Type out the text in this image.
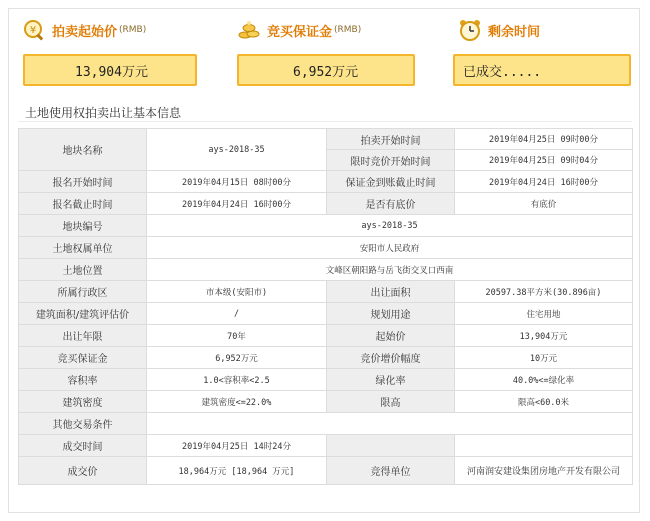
¥ 拍卖起始价 (RMB)
13,904万元
竞买保证金 (RMB)
6,952万元
剩余时间
已成交.....
土地使用权拍卖出让基本信息
地块名称	ays-2018-35	拍卖开始时间	2019年04月25日 09时00分
		限时竞价开始时间	2019年04月25日 09时04分
报名开始时间	2019年04月15日 08时00分	保证金到账截止时间	2019年04月24日 16时00分
报名截止时间	2019年04月24日 16时00分	是否有底价	有底价
地块编号	ays-2018-35		
土地权属单位	安阳市人民政府		
土地位置	文峰区朝阳路与岳飞街交叉口西南		
所属行政区	市本级(安阳市)	出让面积	20597.38平方米(30.896亩)
建筑面积/建筑评估价	/	规划用途	住宅用地
出让年限	70年	起始价	13,904万元
竞买保证金	6,952万元	竞价增价幅度	10万元
容积率	1.0<容积率<2.5	绿化率	40.0%<=绿化率
建筑密度	建筑密度<=22.0%	限高	限高<60.0米
其他交易条件			
成交时间	2019年04月25日 14时24分		
成交价	18,964万元 [18,964 万元]	竞得单位	河南润安建设集团房地产开发有限公司
